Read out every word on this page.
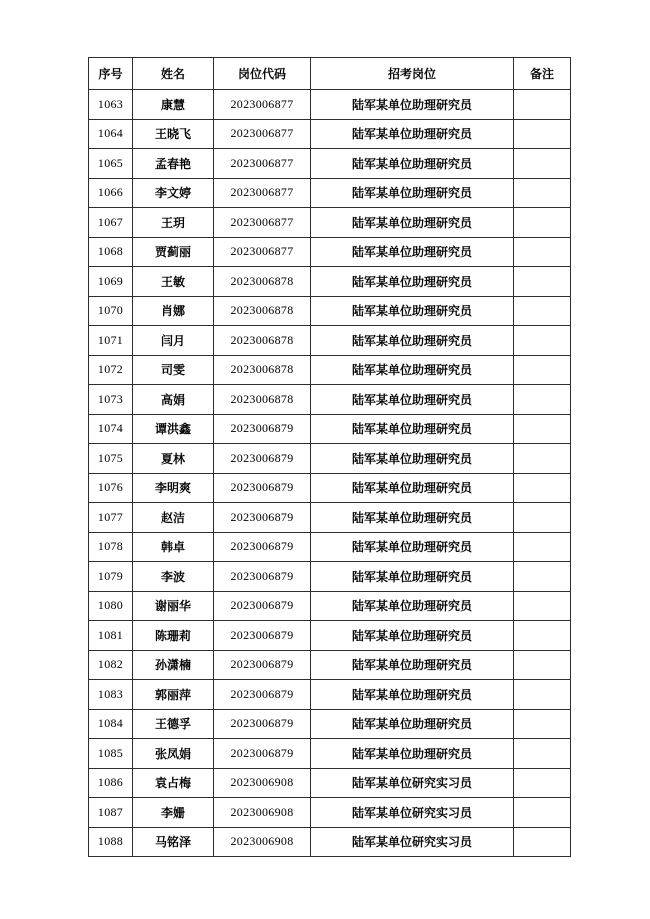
序号	姓名	岗位代码	招考岗位	备注
1063	康慧	2023006877	陆军某单位助理研究员	
1064	王晓飞	2023006877	陆军某单位助理研究员	
1065	孟春艳	2023006877	陆军某单位助理研究员	
1066	李文婷	2023006877	陆军某单位助理研究员	
1067	王玥	2023006877	陆军某单位助理研究员	
1068	贾蓟丽	2023006877	陆军某单位助理研究员	
1069	王敏	2023006878	陆军某单位助理研究员	
1070	肖娜	2023006878	陆军某单位助理研究员	
1071	闫月	2023006878	陆军某单位助理研究员	
1072	司雯	2023006878	陆军某单位助理研究员	
1073	高娟	2023006878	陆军某单位助理研究员	
1074	谭洪鑫	2023006879	陆军某单位助理研究员	
1075	夏林	2023006879	陆军某单位助理研究员	
1076	李明爽	2023006879	陆军某单位助理研究员	
1077	赵洁	2023006879	陆军某单位助理研究员	
1078	韩卓	2023006879	陆军某单位助理研究员	
1079	李波	2023006879	陆军某单位助理研究员	
1080	谢丽华	2023006879	陆军某单位助理研究员	
1081	陈珊莉	2023006879	陆军某单位助理研究员	
1082	孙潇楠	2023006879	陆军某单位助理研究员	
1083	郭丽萍	2023006879	陆军某单位助理研究员	
1084	王德孚	2023006879	陆军某单位助理研究员	
1085	张凤娟	2023006879	陆军某单位助理研究员	
1086	袁占梅	2023006908	陆军某单位研究实习员	
1087	李姗	2023006908	陆军某单位研究实习员	
1088	马铭泽	2023006908	陆军某单位研究实习员	
